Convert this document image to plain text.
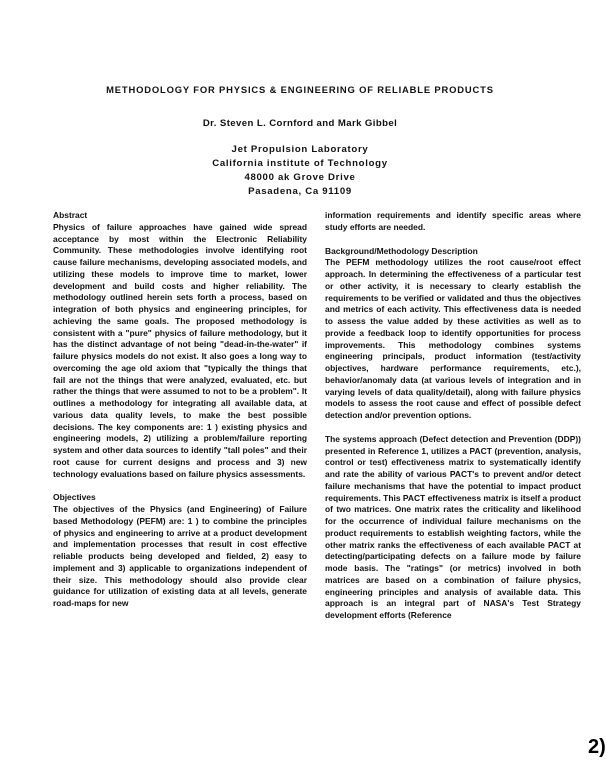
METHODOLOGY FOR PHYSICS & ENGINEERING OF RELIABLE PRODUCTS
Dr. Steven L. Cornford and Mark Gibbel
Jet Propulsion Laboratory
California institute of Technology
48000 ak Grove Drive
Pasadena, Ca 91109
Abstract
Physics of failure approaches have gained wide spread acceptance by most within the Electronic Reliability Community. These methodologies involve identifying root cause failure mechanisms, developing associated models, and utilizing these models to improve time to market, lower development and build costs and higher reliability. The methodology outlined herein sets forth a process, based on integration of both physics and engineering principles, for achieving the same goals. The proposed methodology is consistent with a "pure" physics of failure methodology, but it has the distinct advantage of not being "dead-in-the-water" if failure physics models do not exist. It also goes a long way to overcoming the age old axiom that "typically the things that fail are not the things that were analyzed, evaluated, etc. but rather the things that were assumed to not to be a problem". It outlines a methodology for integrating all available data, at various data quality levels, to make the best possible decisions. The key components are: 1 ) existing physics and engineering models, 2) utilizing a problem/failure reporting system and other data sources to identify "tall poles" and their root cause for current designs and process and 3) new technology evaluations based on failure physics assessments.
Objectives
The objectives of the Physics (and Engineering) of Failure based Methodology (PEFM) are: 1 ) to combine the principles of physics and engineering to arrive at a product development and implementation processes that result in cost effective reliable products being developed and fielded, 2) easy to implement and 3) applicable to organizations independent of their size. This methodology should also provide clear guidance for utilization of existing data at all levels, generate road-maps for new
information requirements and identify specific areas where study efforts are needed.
Background/Methodology Description
The PEFM methodology utilizes the root cause/root effect approach. In determining the effectiveness of a particular test or other activity, it is necessary to clearly establish the requirements to be verified or validated and thus the objectives and metrics of each activity. This effectiveness data is needed to assess the value added by these activities as well as to provide a feedback loop to identify opportunities for process improvements. This methodology combines systems engineering principals, product information (test/activity objectives, hardware performance requirements, etc.), behavior/anomaly data (at various levels of integration and in varying levels of data quality/detail), along with failure physics models to assess the root cause and effect of possible defect detection and/or prevention options.
The systems approach (Defect detection and Prevention (DDP)) presented in Reference 1, utilizes a PACT (prevention, analysis, control or test) effectiveness matrix to systematically identify and rate the ability of various PACT's to prevent and/or detect failure mechanisms that have the potential to impact product requirements. This PACT effectiveness matrix is itself a product of two matrices. One matrix rates the criticality and likelihood for the occurrence of individual failure mechanisms on the product requirements to establish weighting factors, while the other matrix ranks the effectiveness of each available PACT at detecting/participating defects on a failure mode by failure mode basis. The "ratings" (or metrics) involved in both matrices are based on a combination of failure physics, engineering principles and analysis of available data. This approach is an integral part of NASA's Test Strategy development efforts (Reference
2)
